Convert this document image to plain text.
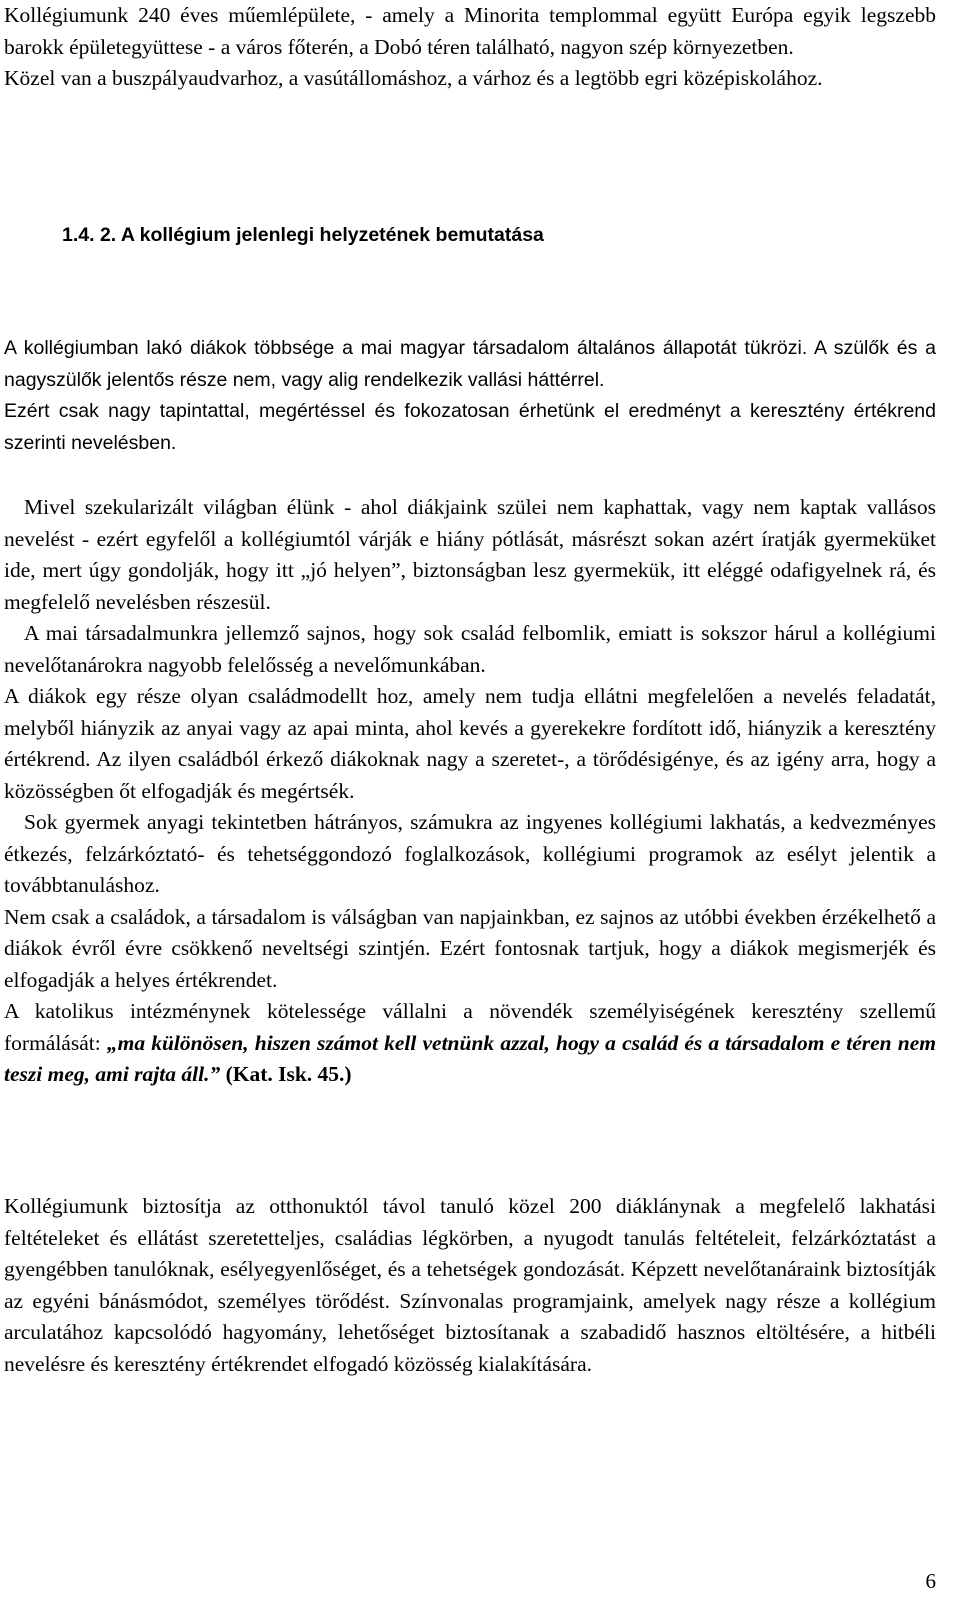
Kollégiumunk 240 éves műemlépülete, - amely a Minorita templommal együtt Európa egyik legszebb barokk épületegyüttese - a város főterén, a Dobó téren található, nagyon szép környezetben.

Közel van a buszpályaudvarhoz, a vasútállomáshoz, a várhoz és a legtöbb egri középiskolához.

1.4. 2. A kollégium jelenlegi helyzetének bemutatása

A kollégiumban lakó diákok többsége a mai magyar társadalom általános állapotát tükrözi. A szülők és a nagyszülők jelentős része nem, vagy alig rendelkezik vallási háttérrel.

Ezért csak nagy tapintattal, megértéssel és fokozatosan érhetünk el eredményt a keresztény értékrend szerinti nevelésben.

Mivel szekularizált világban élünk - ahol diákjaink szülei nem kaphattak, vagy nem kaptak vallásos nevelést - ezért egyfelől a kollégiumtól várják e hiány pótlását, másrészt sokan azért íratják gyermeküket ide, mert úgy gondolják, hogy itt „jó helyen”, biztonságban lesz gyermekük, itt eléggé odafigyelnek rá, és megfelelő nevelésben részesül.

A mai társadalmunkra jellemző sajnos, hogy sok család felbomlik, emiatt is sokszor hárul a kollégiumi nevelőtanárokra nagyobb felelősség a nevelőmunkában.

A diákok egy része olyan családmodellt hoz, amely nem tudja ellátni megfelelően a nevelés feladatát, melyből hiányzik az anyai vagy az apai minta, ahol kevés a gyerekekre fordított idő, hiányzik a keresztény értékrend. Az ilyen családból érkező diákoknak nagy a szeretet-, a törődésigénye, és az igény arra, hogy a közösségben őt elfogadják és megértsék.

Sok gyermek anyagi tekintetben hátrányos, számukra az ingyenes kollégiumi lakhatás, a kedvezményes étkezés, felzárkóztató- és tehetséggondozó foglalkozások, kollégiumi programok az esélyt jelentik a továbbtanuláshoz.

Nem csak a családok, a társadalom is válságban van napjainkban, ez sajnos az utóbbi években érzékelhető a diákok évről évre csökkenő neveltségi szintjén. Ezért fontosnak tartjuk, hogy a diákok megismerjék és elfogadják a helyes értékrendet.

A katolikus intézménynek kötelessége vállalni a növendék személyiségének keresztény szellemű formálását: „ma különösen, hiszen számot kell vetnünk azzal, hogy a család és a társadalom e téren nem teszi meg, ami rajta áll.” (Kat. Isk. 45.)

Kollégiumunk biztosítja az otthonuktól távol tanuló közel 200 diáklánynak a megfelelő lakhatási feltételeket és ellátást szeretetteljes, családias légkörben, a nyugodt tanulás feltételeit, felzárkóztatást a gyengébben tanulóknak, esélyegyenlőséget, és a tehetségek gondozását. Képzett nevelőtanáraink biztosítják az egyéni bánásmódot, személyes törődést. Színvonalas programjaink, amelyek nagy része a kollégium arculatához kapcsolódó hagyomány, lehetőséget biztosítanak a szabadidő hasznos eltöltésére, a hitbéli nevelésre és keresztény értékrendet elfogadó közösség kialakítására.

6
